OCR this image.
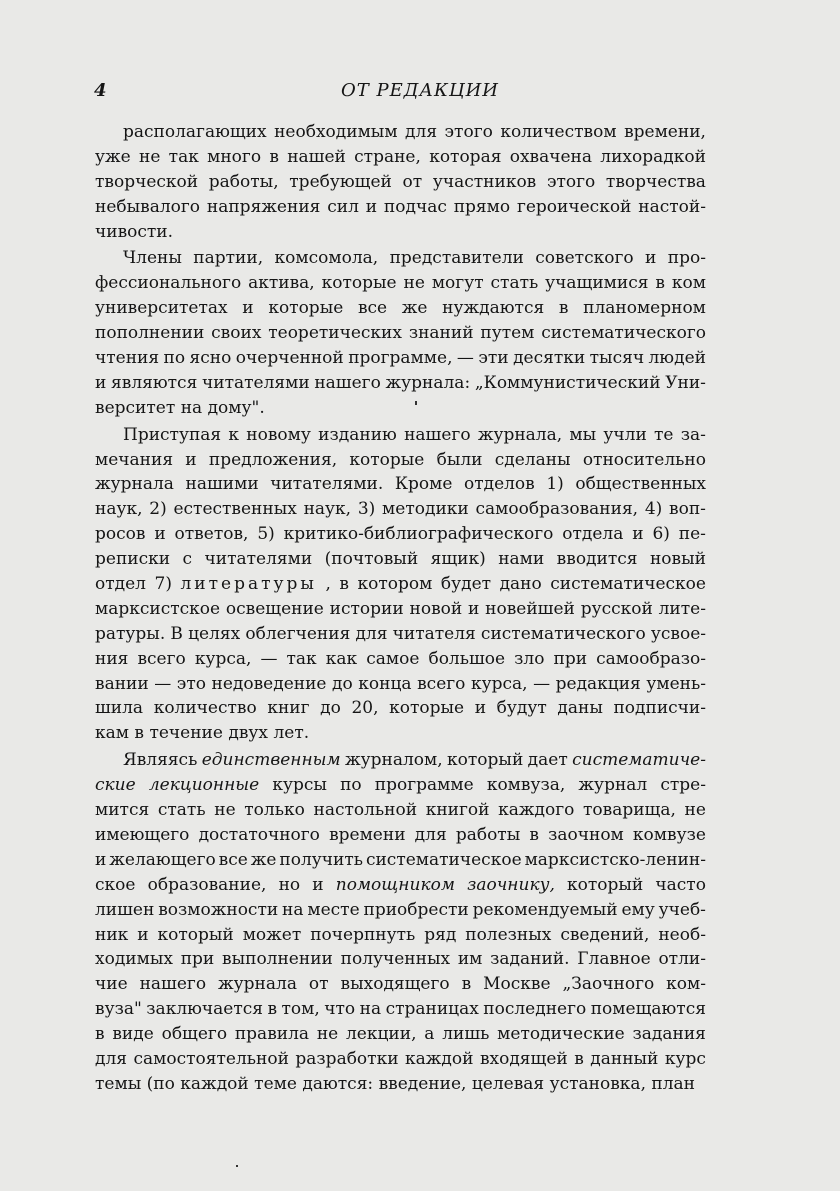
4	ОТ РЕДАКЦИИ
располагающих необходимым для этого количеством времени,
уже не так много в нашей стране, которая охвачена лихорадкой
творческой работы, требующей от участников этого творчества
небывалого напряжения сил и подчас прямо героической настой-
чивости.
Члены партии, комсомола, представители советского и про-
фессионального актива, которые не могут стать учащимися в ком
университетах и которые все же нуждаются в планомерном
пополнении своих теоретических знаний путем систематического
чтения по ясно очерченной программе, — эти десятки тысяч людей
и являются читателями нашего журнала: „Коммунистический Уни-
верситет на дому".
Приступая к новому изданию нашего журнала, мы учли те за-
мечания и предложения, которые были сделаны относительно
журнала нашими читателями. Кроме отделов 1) общественных
наук, 2) естественных наук, 3) методики самообразования, 4) воп-
росов и ответов, 5) критико-библиографического отдела и 6) пе-
реписки с читателями (почтовый ящик) нами вводится новый
отдел 7) литературы , в котором будет дано систематическое
марксистское освещение истории новой и новейшей русской лите-
ратуры. В целях облегчения для читателя систематического усвое-
ния всего курса, — так как самое большое зло при самообразо-
вании — это недоведение до конца всего курса, — редакция умень-
шила количество книг до 20, которые и будут даны подписчи-
кам в течение двух лет.
Являясь единственным журналом, который дает систематиче-
ские лекционные курсы по программе комвуза, журнал стре-
мится стать не только настольной книгой каждого товарища, не
имеющего достаточного времени для работы в заочном комвузе
и желающего все же получить систематическое марксистско-ленин-
ское образование, но и помощником заочнику, который часто
лишен возможности на месте приобрести рекомендуемый ему учеб-
ник и который может почерпнуть ряд полезных сведений, необ-
ходимых при выполнении полученных им заданий. Главное отли-
чие нашего журнала от выходящего в Москве „Заочного ком-
вуза" заключается в том, что на страницах последнего помещаются
в виде общего правила не лекции, а лишь методические задания
для самостоятельной разработки каждой входящей в данный курс
темы (по каждой теме даются: введение, целевая установка, план
